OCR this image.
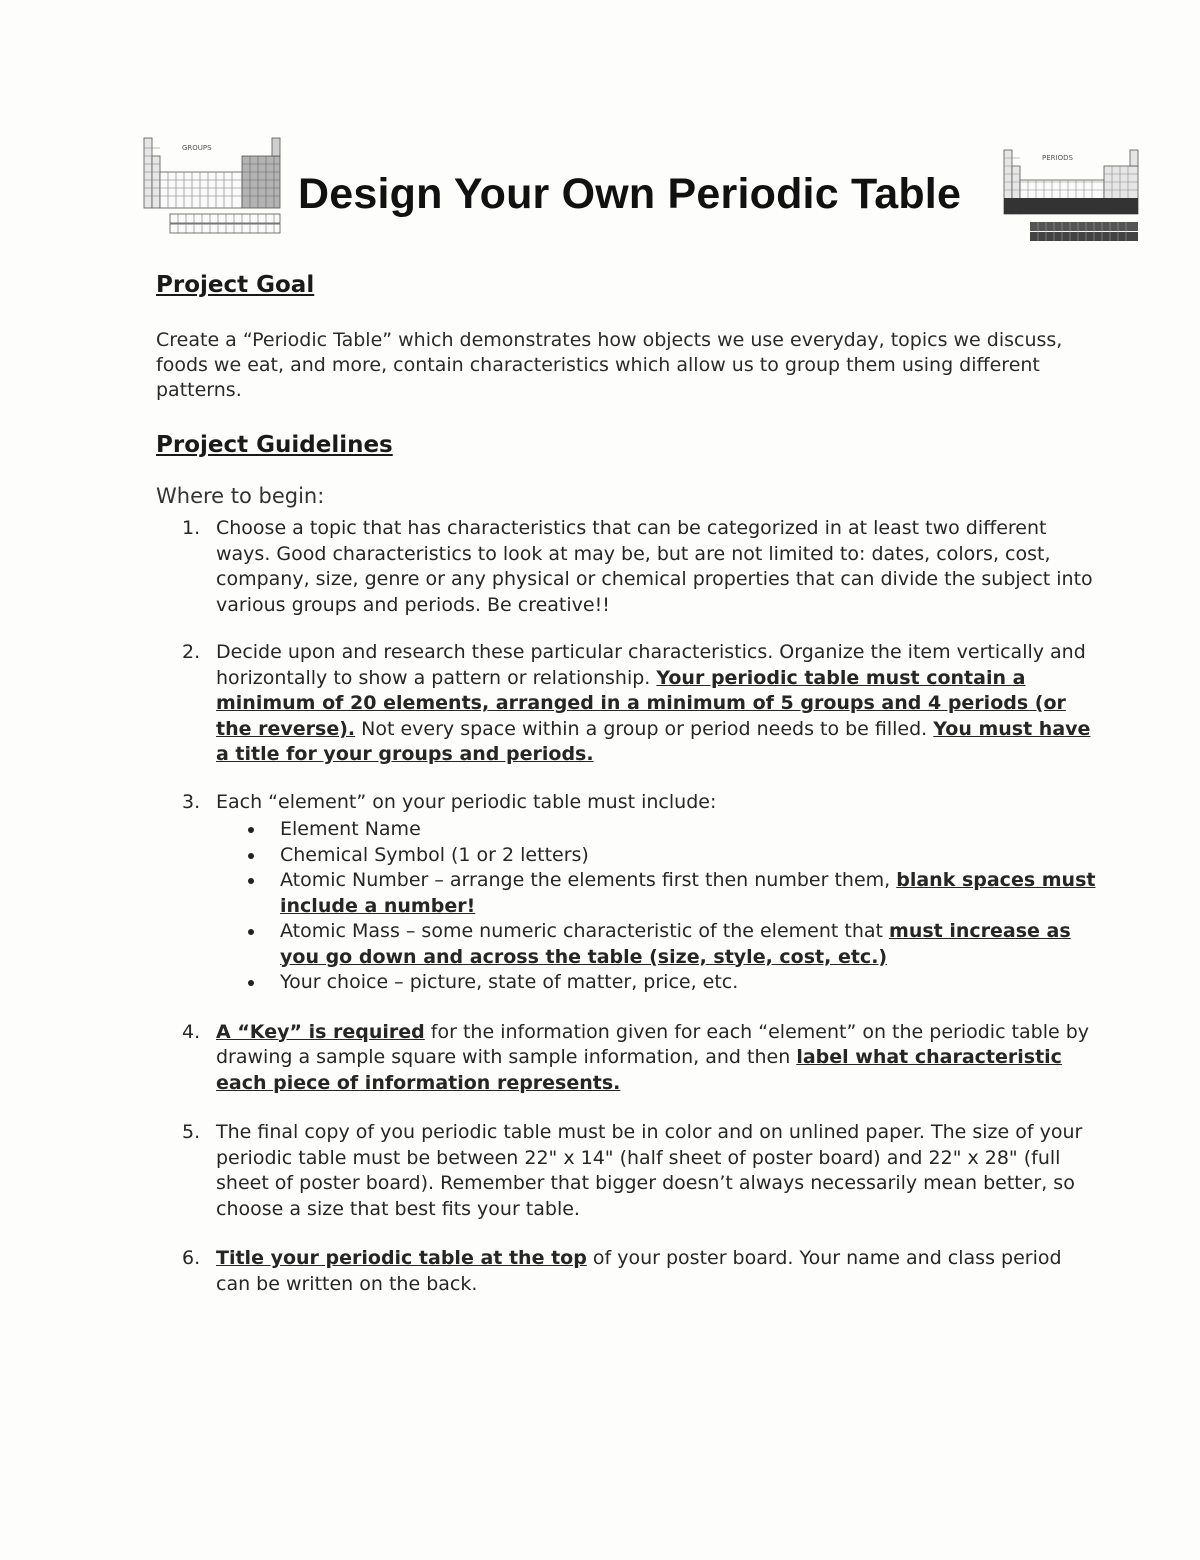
GROUPS
Design Your Own Periodic Table
PERIODS
Project Goal

Create a “Periodic Table” which demonstrates how objects we use everyday, topics we discuss, foods we eat, and more, contain characteristics which allow us to group them using different patterns.

Project Guidelines

Where to begin:

1. Choose a topic that has characteristics that can be categorized in at least two different ways. Good characteristics to look at may be, but are not limited to: dates, colors, cost, company, size, genre or any physical or chemical properties that can divide the subject into various groups and periods. Be creative!!
2. Decide upon and research these particular characteristics. Organize the item vertically and horizontally to show a pattern or relationship. Your periodic table must contain a minimum of 20 elements, arranged in a minimum of 5 groups and 4 periods (or the reverse). Not every space within a group or period needs to be filled. You must have a title for your groups and periods.
3. Each “element” on your periodic table must include:
Element Name
Chemical Symbol (1 or 2 letters)
Atomic Number – arrange the elements first then number them, blank spaces must include a number!
Atomic Mass – some numeric characteristic of the element that must increase as you go down and across the table (size, style, cost, etc.)
Your choice – picture, state of matter, price, etc.
4. A “Key” is required for the information given for each “element” on the periodic table by drawing a sample square with sample information, and then label what characteristic each piece of information represents.
5. The final copy of you periodic table must be in color and on unlined paper. The size of your periodic table must be between 22" x 14" (half sheet of poster board) and 22" x 28" (full sheet of poster board). Remember that bigger doesn’t always necessarily mean better, so choose a size that best fits your table.
6. Title your periodic table at the top of your poster board. Your name and class period can be written on the back.
